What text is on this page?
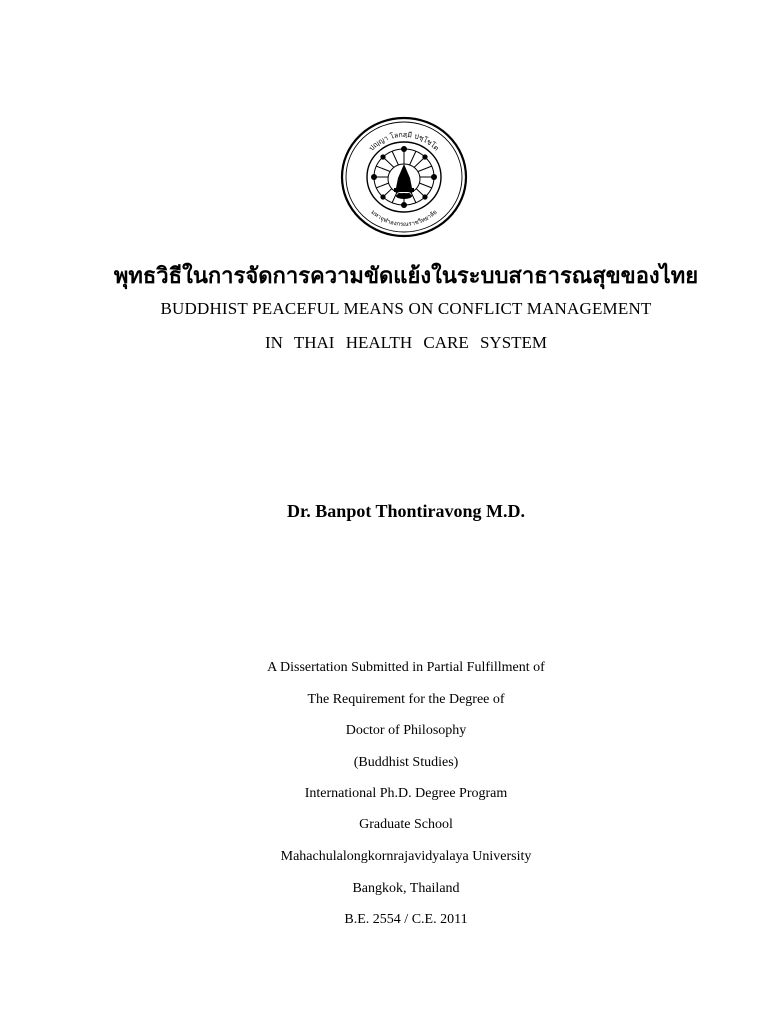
ปญฺญา โลกสฺมี ปชฺโชโต
มหาจุฬาลงกรณราชวิทยาลัย
พุทธวิธีในการจัดการความขัดแย้งในระบบสาธารณสุขของไทย
BUDDHIST PEACEFUL MEANS ON CONFLICT MANAGEMENT
IN THAI HEALTH CARE SYSTEM
Dr. Banpot Thontiravong M.D.
A Dissertation Submitted in Partial Fulfillment of
The Requirement for the Degree of
Doctor of Philosophy
(Buddhist Studies)
International Ph.D. Degree Program
Graduate School
Mahachulalongkornrajavidyalaya University
Bangkok, Thailand
B.E. 2554 / C.E. 2011
